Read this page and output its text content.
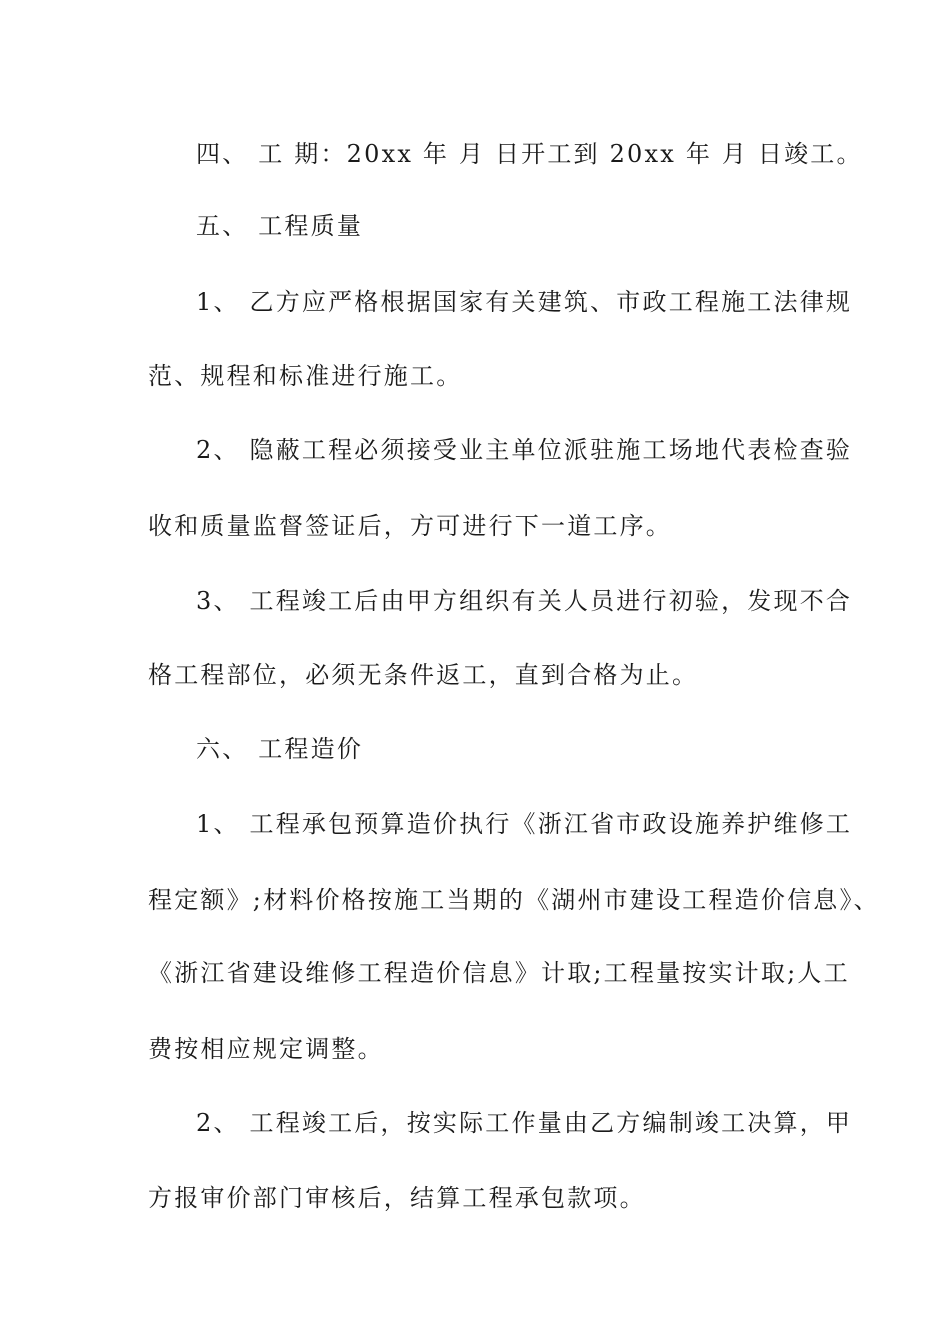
四、 工 期：20xx 年 月 日开工到 20xx 年 月 日竣工。
五、 工程质量
1、 乙方应严格根据国家有关建筑、市政工程施工法律规
范、规程和标准进行施工。
2、 隐蔽工程必须接受业主单位派驻施工场地代表检查验
收和质量监督签证后，方可进行下一道工序。
3、 工程竣工后由甲方组织有关人员进行初验，发现不合
格工程部位，必须无条件返工，直到合格为止。
六、 工程造价
1、 工程承包预算造价执行《浙江省市政设施养护维修工
程定额》;材料价格按施工当期的《湖州市建设工程造价信息》、
《浙江省建设维修工程造价信息》计取;工程量按实计取;人工
费按相应规定调整。
2、 工程竣工后，按实际工作量由乙方编制竣工决算，甲
方报审价部门审核后，结算工程承包款项。
